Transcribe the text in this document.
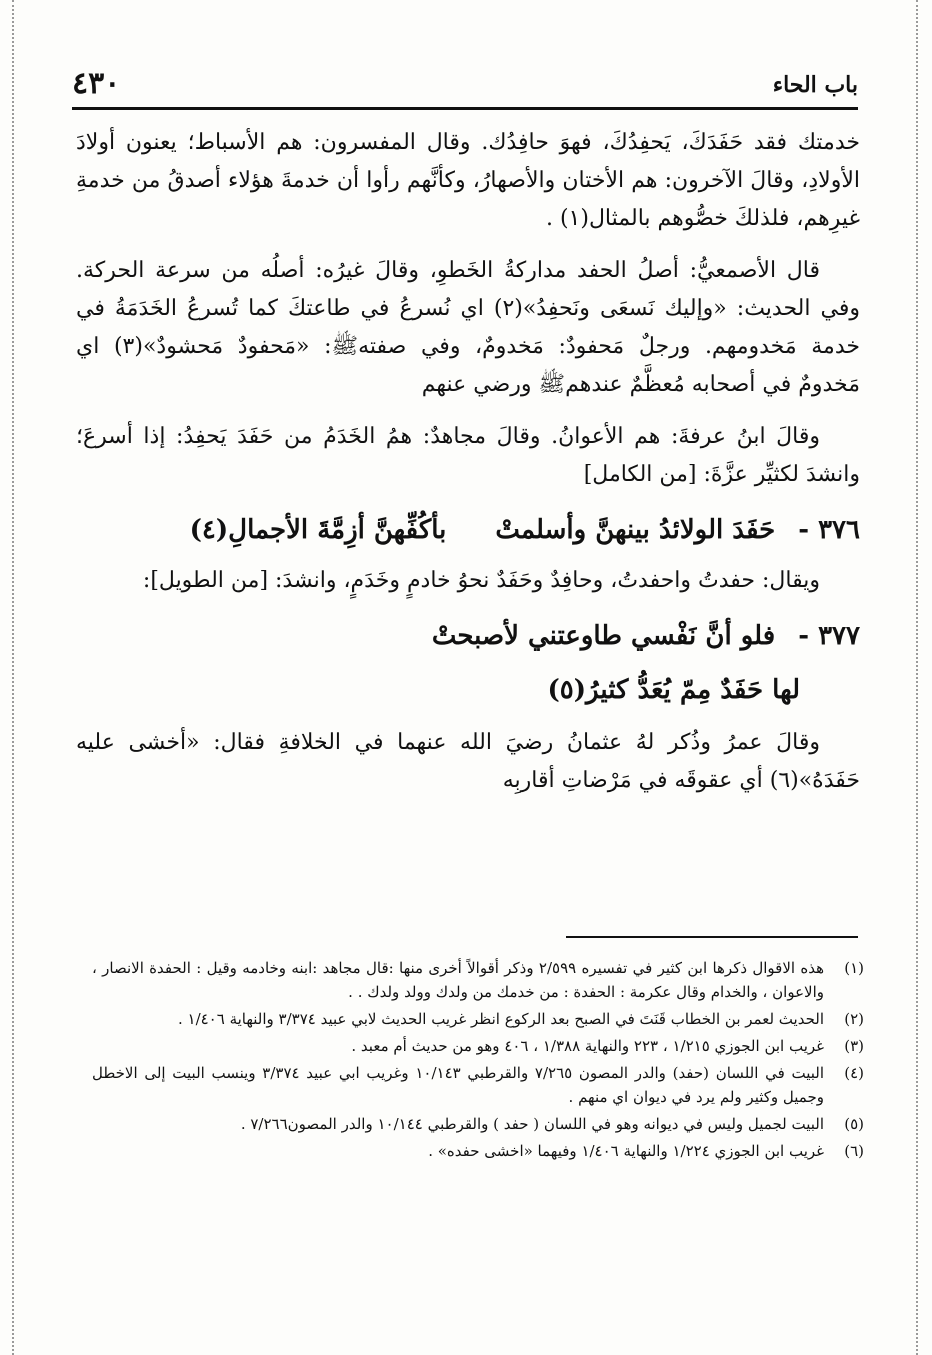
باب الحاء
٤٣٠

خدمتك فقد حَفَدَكَ، يَحفِدُكَ، فهوَ حافِدُك. وقال المفسرون: هم الأسباط؛ يعنون أولادَ الأولادِ، وقالَ الآخرون: هم الأختان والأصهارُ، وكأنَّهم رأوا أن خدمةَ هؤلاء أصدقُ من خدمةِ غيرِهم، فلذلكَ خصُّوهم بالمثال(١) .

قال الأصمعيُّ: أصلُ الحفد مداركةُ الخَطوِ، وقالَ غيرُه: أصلُه من سرعة الحركة. وفي الحديث: «وإليك نَسعَى ونَحفِدُ»(٢) اي نُسرعُ في طاعتكَ كما تُسرعُ الخَدَمَةُ في خدمة مَخدومهم. ورجلٌ مَحفودٌ: مَخدومٌ، وفي صفتهﷺ: «مَحفودٌ مَحشودٌ»(٣) اي مَخدومٌ في أصحابه مُعظَّمٌ عندهمﷺ ورضي عنهم

وقالَ ابنُ عرفةَ: هم الأعوانُ. وقالَ مجاهدٌ: همُ الخَدَمُ من حَفَدَ يَحفِدُ: إذا أسرعَ؛ وانشدَ لكثيِّر عزَّةَ: [من الكامل]

٣٧٦ - حَفَدَ الولائدُ بينهنَّ وأسلمتْ بأكُفِّهنَّ أزِمَّةَ الأجمالِ(٤)

ويقال: حفدتُ واحفدتُ، وحافِدٌ وحَفَدٌ نحوُ خادمٍ وخَدَمٍ، وانشدَ: [من الطويل]:

٣٧٧ - فلو أنَّ نَفْسي طاوعتني لأصبحتْ
لها حَفَدٌ مِمّ يُعَدُّ كثيرُ(٥)

وقالَ عمرُ وذُكر لهُ عثمانُ رضيَ الله عنهما في الخلافةِ فقال: «أخشى عليه حَفَدَهُ»(٦) أي عقوقَه في مَرْضاتِ أقاربِه

(١)
هذه الاقوال ذكرها ابن كثير في تفسيره ٢/٥٩٩ وذكر أقوالاً أخرى منها :قال مجاهد :ابنه وخادمه وقيل : الحفدة الانصار ، والاعوان ، والخدام وقال عكرمة : الحفدة : من خدمك من ولدك وولد ولدك . .
(٢)
الحديث لعمر بن الخطاب قَنَتَ في الصبح بعد الركوع انظر غريب الحديث لابي عبيد ٣/٣٧٤ والنهاية ١/٤٠٦ .
(٣)
غريب ابن الجوزي ١/٢١٥ ، ٢٢٣ والنهاية ١/٣٨٨ ، ٤٠٦ وهو من حديث أم معبد .
(٤)
البيت في اللسان (حفد) والدر المصون ٧/٢٦٥ والقرطبي ١٠/١٤٣ وغريب ابي عبيد ٣/٣٧٤ وينسب البيت إلى الاخطل وجميل وكثير ولم يرد في ديوان اي منهم .
(٥)
البيت لجميل وليس في ديوانه وهو في اللسان ( حفد ) والقرطبي ١٠/١٤٤ والدر المصون٧/٢٦٦ .
(٦)
غريب ابن الجوزي ١/٢٢٤ والنهاية ١/٤٠٦ وفيهما «اخشى حفده» .
